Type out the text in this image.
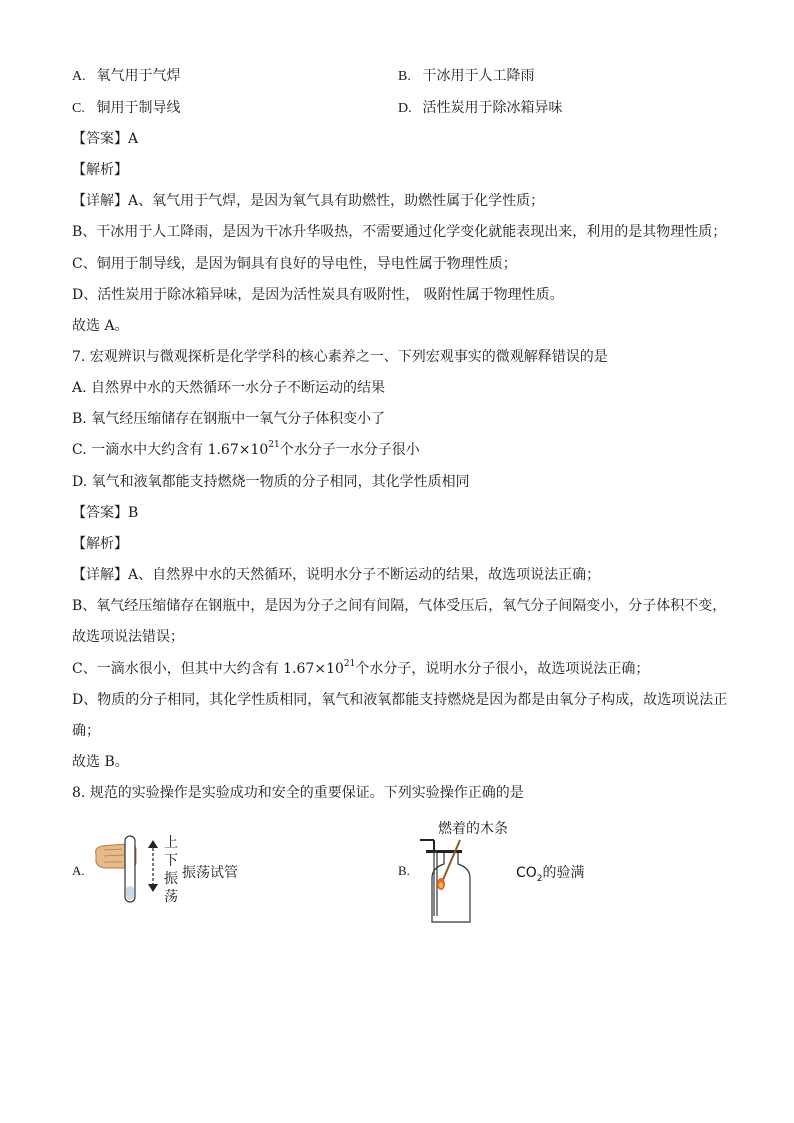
A. 氧气用于气焊	B. 干冰用于人工降雨
C. 铜用于制导线	D. 活性炭用于除冰箱异味
【答案】A
【解析】
【详解】A、氧气用于气焊，是因为氧气具有助燃性，助燃性属于化学性质；
B、干冰用于人工降雨，是因为干冰升华吸热，不需要通过化学变化就能表现出来，利用的是其物理性质；
C、铜用于制导线，是因为铜具有良好的导电性，导电性属于物理性质；
D、活性炭用于除冰箱异味，是因为活性炭具有吸附性， 吸附性属于物理性质。
故选 A。
7. 宏观辨识与微观探析是化学学科的核心素养之一、下列宏观事实的微观解释错误的是
A. 自然界中水的天然循环一水分子不断运动的结果
B. 氧气经压缩储存在钢瓶中一氧气分子体积变小了
C. 一滴水中大约含有 $1.67\times 10^{21}$个水分子一水分子很小
D. 氧气和液氧都能支持燃烧一物质的分子相同，其化学性质相同
【答案】B
【解析】
【详解】A、自然界中水的天然循环，说明水分子不断运动的结果，故选项说法正确；
B、氧气经压缩储存在钢瓶中，是因为分子之间有间隔，气体受压后，氧气分子间隔变小，分子体积不变，
故选项说法错误；
C、一滴水很小，但其中大约含有 $1.67\times 10^{21}$个水分子，说明水分子很小，故选项说法正确；
D、物质的分子相同，其化学性质相同，氧气和液氧都能支持燃烧是因为都是由氧分子构成，故选项说法正
确；
故选 B。
8. 规范的实验操作是实验成功和安全的重要保证。下列实验操作正确的是
A.
上
下
振
荡
振荡试管	B.
燃着的木条
$CO_2$的验满
